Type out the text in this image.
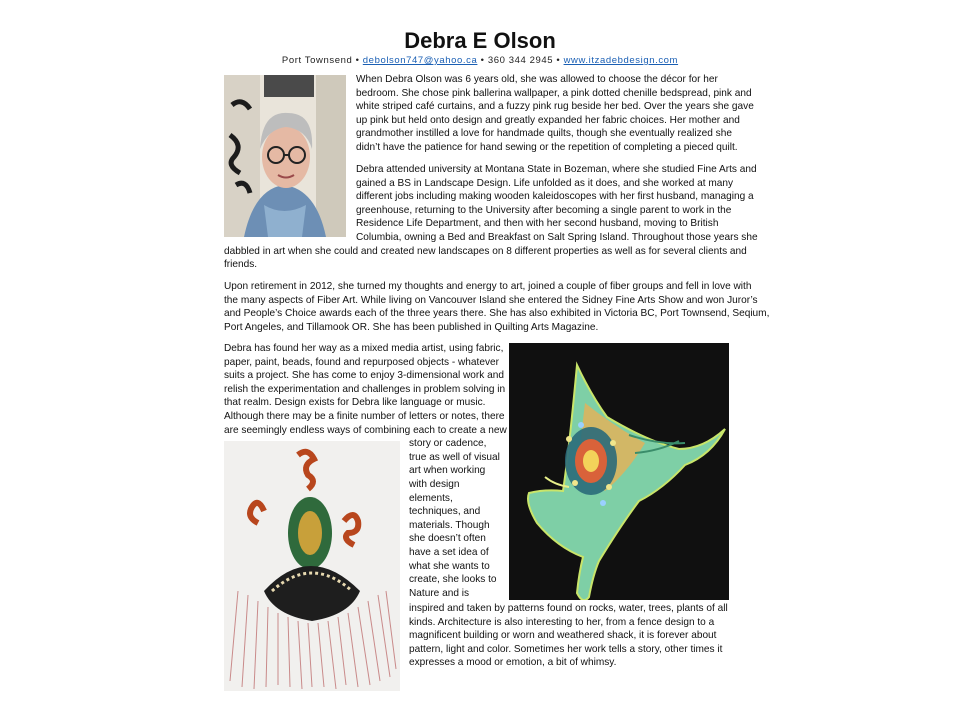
Debra E Olson
Port Townsend • debolson747@yahoo.ca • 360 344 2945 • www.itzadebdesign.com

When Debra Olson was 6 years old, she was allowed to choose the décor for her

bedroom. She chose pink ballerina wallpaper, a pink dotted chenille bedspread, pink and

white striped café curtains, and a fuzzy pink rug beside her bed. Over the years she gave

up pink but held onto design and greatly expanded her fabric choices. Her mother and

grandmother instilled a love for handmade quilts, though she eventually realized she

didn’t have the patience for hand sewing or the repetition of completing a pieced quilt.

Debra attended university at Montana State in Bozeman, where she studied Fine Arts and

gained a BS in Landscape Design. Life unfolded as it does, and she worked at many

different jobs including making wooden kaleidoscopes with her first husband, managing a

greenhouse, returning to the University after becoming a single parent to work in the

Residence Life Department, and then with her second husband, moving to British

Columbia, owning a Bed and Breakfast on Salt Spring Island. Throughout those years she

dabbled in art when she could and created new landscapes on 8 different properties as well as for several clients and

friends.

Upon retirement in 2012, she turned my thoughts and energy to art, joined a couple of fiber groups and fell in love with

the many aspects of Fiber Art. While living on Vancouver Island she entered the Sidney Fine Arts Show and won Juror’s

and People’s Choice awards each of the three years there. She has also exhibited in Victoria BC, Port Townsend, Seqium,

Port Angeles, and Tillamook OR. She has been published in Quilting Arts Magazine.

Debra has found her way as a mixed media artist, using fabric,

paper, paint, beads, found and repurposed objects - whatever

suits a project. She has come to enjoy 3-dimensional work and

relish the experimentation and challenges in problem solving in

that realm. Design exists for Debra like language or music.

Although there may be a finite number of letters or notes, there

are seemingly endless ways of combining each to create a new

story or cadence,

true as well of visual

art when working

with design

elements,

techniques, and

materials. Though

she doesn’t often

have a set idea of

what she wants to

create, she looks to

Nature and is

inspired and taken by patterns found on rocks, water, trees, plants of all

kinds. Architecture is also interesting to her, from a fence design to a

magnificent building or worn and weathered shack, it is forever about

pattern, light and color. Sometimes her work tells a story, other times it

expresses a mood or emotion, a bit of whimsy.
